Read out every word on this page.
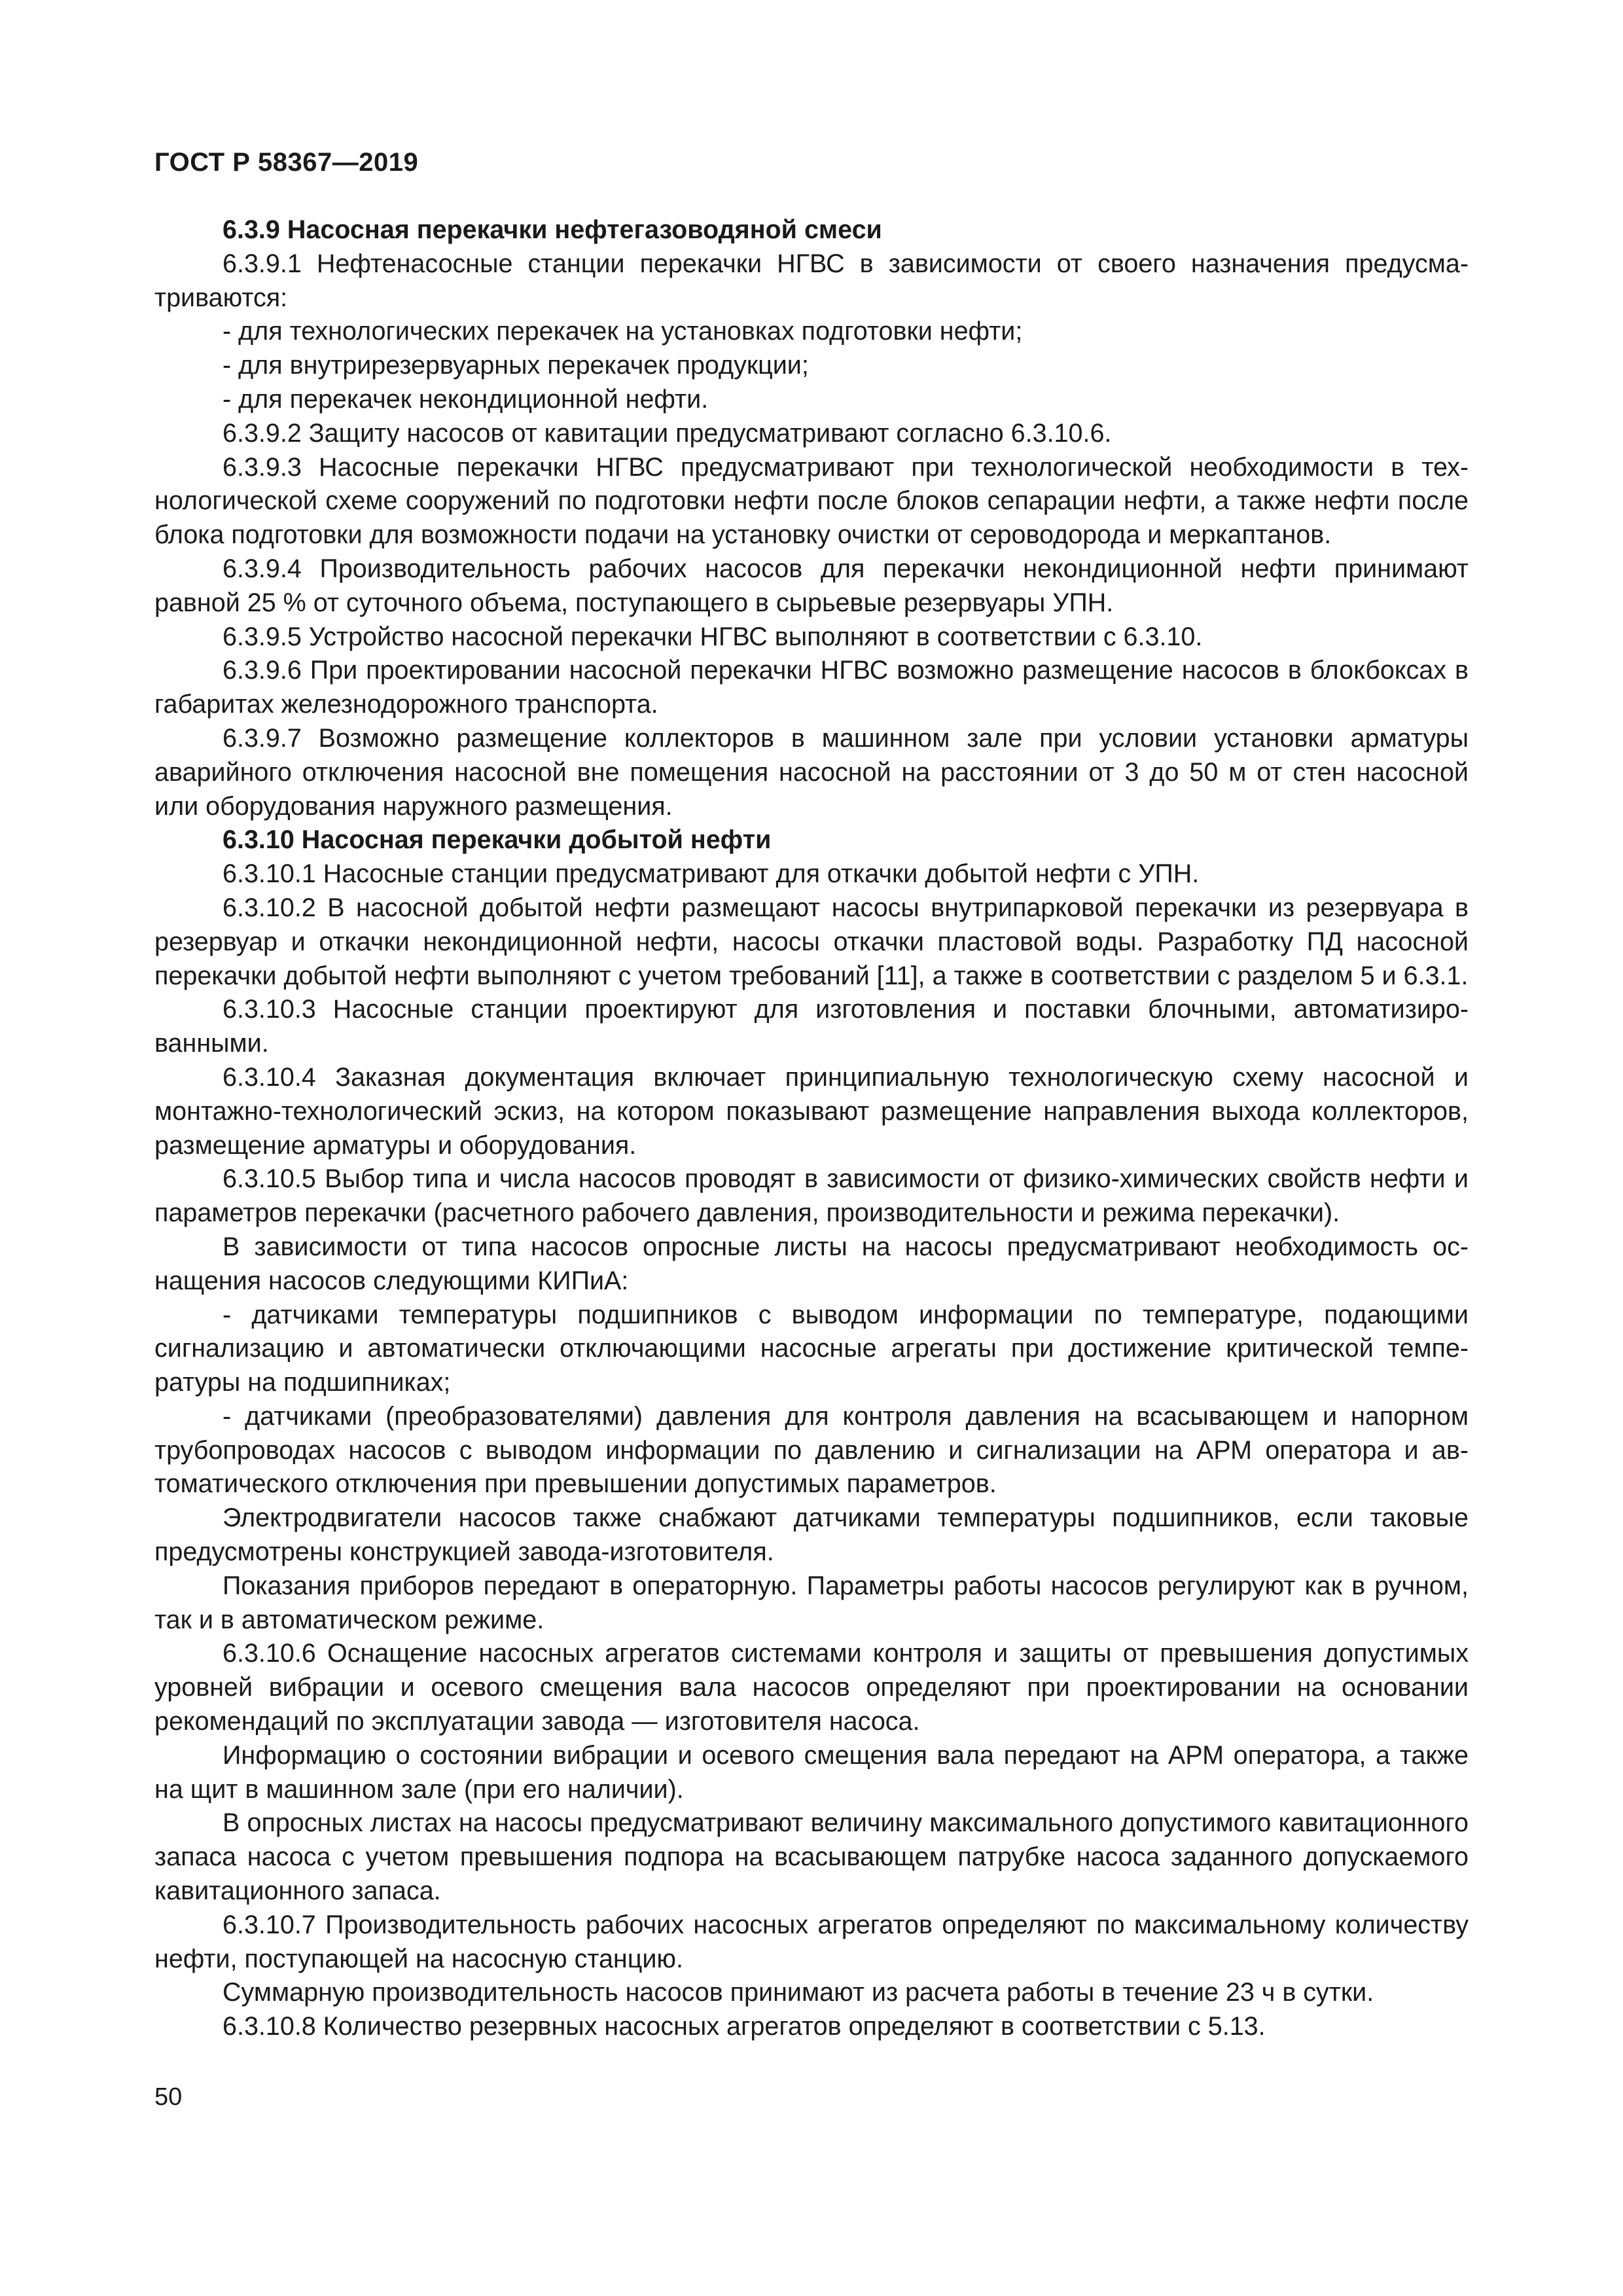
ГОСТ Р 58367—2019

6.3.9 Насосная перекачки нефтегазоводяной смеси

6.3.9.1 Нефтенасосные станции перекачки НГВС в зависимости от своего назначения предусматриваются:

- для технологических перекачек на установках подготовки нефти;

- для внутрирезервуарных перекачек продукции;

- для перекачек некондиционной нефти.

6.3.9.2 Защиту насосов от кавитации предусматривают согласно 6.3.10.6.

6.3.9.3 Насосные перекачки НГВС предусматривают при технологической необходимости в технологической схеме сооружений по подготовки нефти после блоков сепарации нефти, а также нефти после блока подготовки для возможности подачи на установку очистки от сероводорода и меркаптанов.

6.3.9.4 Производительность рабочих насосов для перекачки некондиционной нефти принимают равной 25 % от суточного объема, поступающего в сырьевые резервуары УПН.

6.3.9.5 Устройство насосной перекачки НГВС выполняют в соответствии с 6.3.10.

6.3.9.6 При проектировании насосной перекачки НГВС возможно размещение насосов в блокбоксах в габаритах железнодорожного транспорта.

6.3.9.7 Возможно размещение коллекторов в машинном зале при условии установки арматуры аварийного отключения насосной вне помещения насосной на расстоянии от 3 до 50 м от стен насосной или оборудования наружного размещения.

6.3.10 Насосная перекачки добытой нефти

6.3.10.1 Насосные станции предусматривают для откачки добытой нефти с УПН.

6.3.10.2 В насосной добытой нефти размещают насосы внутрипарковой перекачки из резервуара в резервуар и откачки некондиционной нефти, насосы откачки пластовой воды. Разработку ПД насосной перекачки добытой нефти выполняют с учетом требований [11], а также в соответствии с разделом 5 и 6.3.1.

6.3.10.3 Насосные станции проектируют для изготовления и поставки блочными, автоматизированными.

6.3.10.4 Заказная документация включает принципиальную технологическую схему насосной и монтажно-технологический эскиз, на котором показывают размещение направления выхода коллекторов, размещение арматуры и оборудования.

6.3.10.5 Выбор типа и числа насосов проводят в зависимости от физико-химических свойств нефти и параметров перекачки (расчетного рабочего давления, производительности и режима перекачки).

В зависимости от типа насосов опросные листы на насосы предусматривают необходимость оснащения насосов следующими КИПиА:

- датчиками температуры подшипников с выводом информации по температуре, подающими сигнализацию и автоматически отключающими насосные агрегаты при достижение критической температуры на подшипниках;

- датчиками (преобразователями) давления для контроля давления на всасывающем и напорном трубопроводах насосов с выводом информации по давлению и сигнализации на АРМ оператора и автоматического отключения при превышении допустимых параметров.

Электродвигатели насосов также снабжают датчиками температуры подшипников, если таковые предусмотрены конструкцией завода-изготовителя.

Показания приборов передают в операторную. Параметры работы насосов регулируют как в ручном, так и в автоматическом режиме.

6.3.10.6 Оснащение насосных агрегатов системами контроля и защиты от превышения допустимых уровней вибрации и осевого смещения вала насосов определяют при проектировании на основании рекомендаций по эксплуатации завода — изготовителя насоса.

Информацию о состоянии вибрации и осевого смещения вала передают на АРМ оператора, а также на щит в машинном зале (при его наличии).

В опросных листах на насосы предусматривают величину максимального допустимого кавитационного запаса насоса с учетом превышения подпора на всасывающем патрубке насоса заданного допускаемого кавитационного запаса.

6.3.10.7 Производительность рабочих насосных агрегатов определяют по максимальному количеству нефти, поступающей на насосную станцию.

Суммарную производительность насосов принимают из расчета работы в течение 23 ч в сутки.

6.3.10.8 Количество резервных насосных агрегатов определяют в соответствии с 5.13.

50
